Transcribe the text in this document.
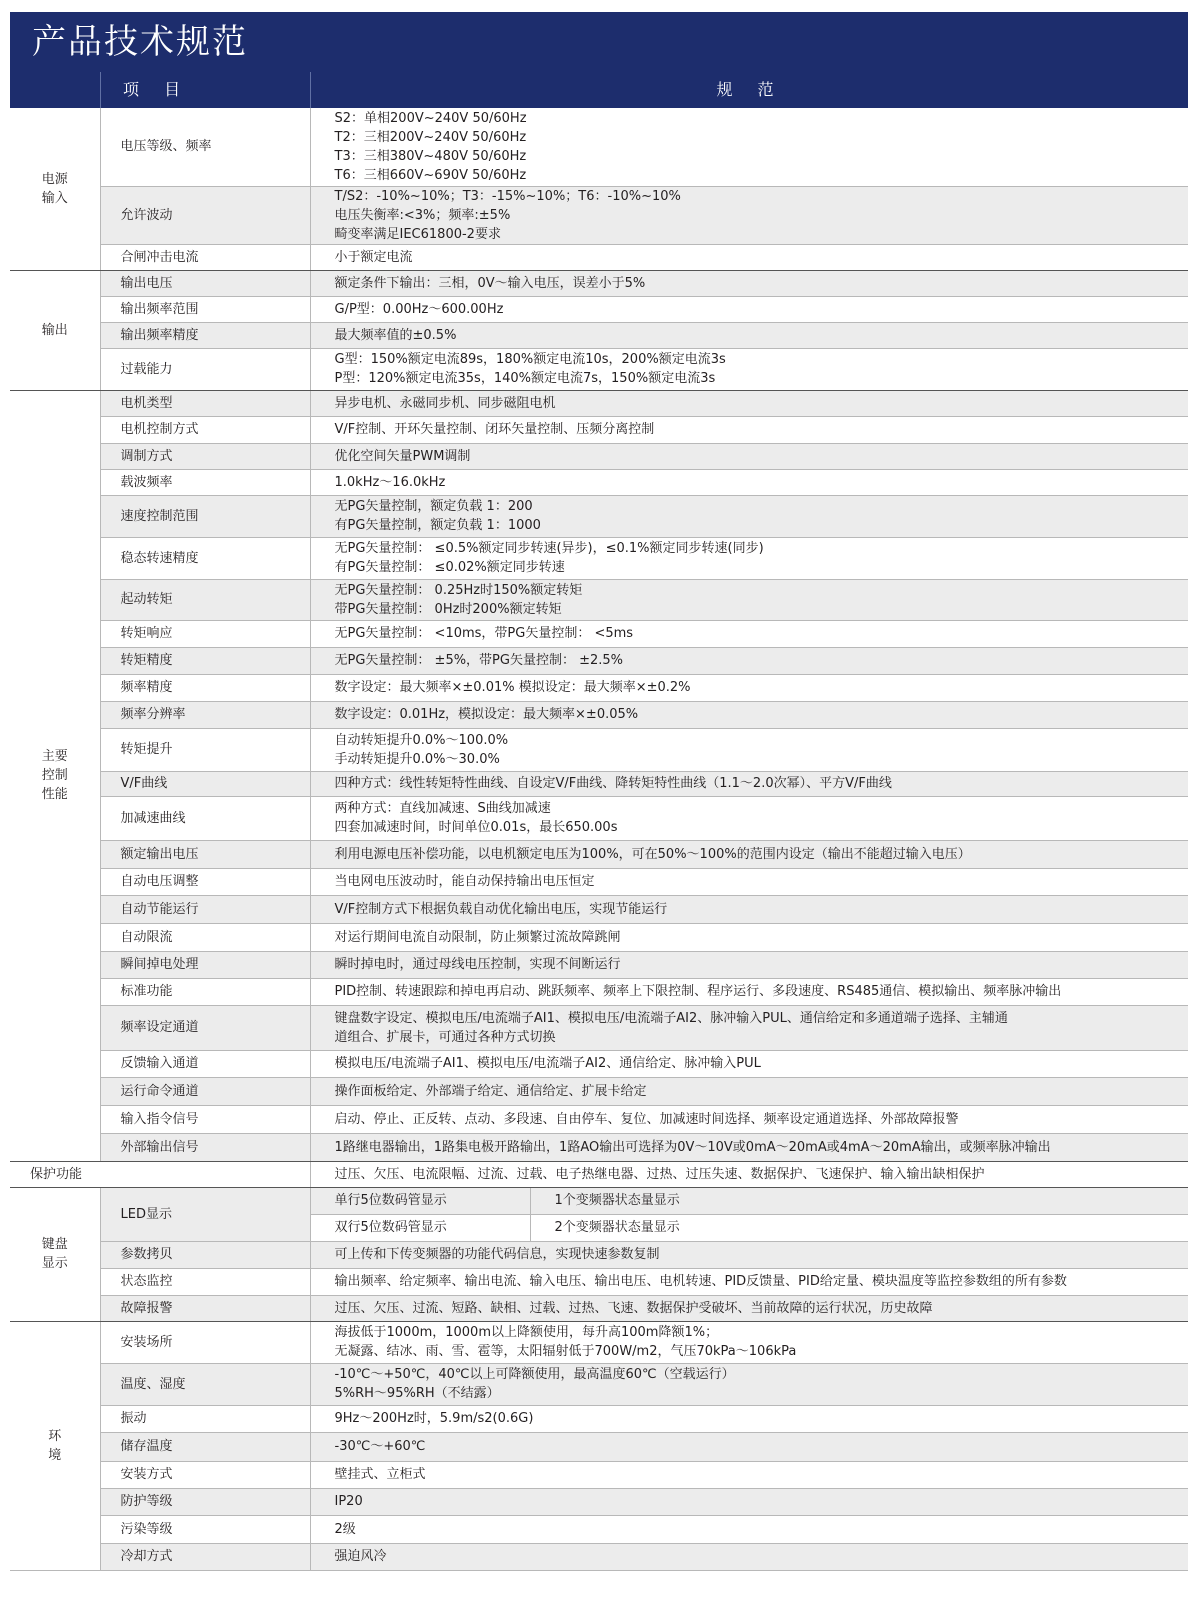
产品技术规范
项 目	规 范
电源
输入	电压等级、频率	S2：单相200V~240V 50/60Hz
T2：三相200V~240V 50/60Hz
T3：三相380V~480V 50/60Hz
T6：三相660V~690V 50/60Hz	

	允许波动	T/S2：-10%~10%；T3：-15%~10%；T6：-10%~10%
电压失衡率:<3%；频率:±5%
畸变率满足IEC61800-2要求	

	合闸冲击电流	小于额定电流	

输出	输出电压	额定条件下输出：三相，0V～输入电压，误差小于5%	

	输出频率范围	G/P型：0.00Hz～600.00Hz	

	输出频率精度	最大频率值的±0.5%	

	过载能力	G型：150%额定电流89s，180%额定电流10s，200%额定电流3s
P型：120%额定电流35s，140%额定电流7s，150%额定电流3s	

主要
控制
性能	电机类型	异步电机、永磁同步机、同步磁阻电机	

	电机控制方式	V/F控制、开环矢量控制、闭环矢量控制、压频分离控制	

	调制方式	优化空间矢量PWM调制	

	载波频率	1.0kHz～16.0kHz	

	速度控制范围	无PG矢量控制，额定负载 1：200
有PG矢量控制，额定负载 1：1000	

	稳态转速精度	无PG矢量控制： ≤0.5%额定同步转速(异步)，≤0.1%额定同步转速(同步)
有PG矢量控制： ≤0.02%额定同步转速	

	起动转矩	无PG矢量控制： 0.25Hz时150%额定转矩
带PG矢量控制： 0Hz时200%额定转矩	

	转矩响应	无PG矢量控制： <10ms，带PG矢量控制： <5ms	

	转矩精度	无PG矢量控制： ±5%，带PG矢量控制： ±2.5%	

	频率精度	数字设定：最大频率×±0.01% 模拟设定：最大频率×±0.2%	

	频率分辨率	数字设定：0.01Hz，模拟设定：最大频率×±0.05%	

	转矩提升	自动转矩提升0.0%～100.0%
手动转矩提升0.0%～30.0%	

	V/F曲线	四种方式：线性转矩特性曲线、自设定V/F曲线、降转矩特性曲线（1.1～2.0次幂）、平方V/F曲线	

	加减速曲线	两种方式：直线加减速、S曲线加减速
四套加减速时间，时间单位0.01s，最长650.00s	

	额定输出电压	利用电源电压补偿功能，以电机额定电压为100%，可在50%～100%的范围内设定（输出不能超过输入电压）	

	自动电压调整	当电网电压波动时，能自动保持输出电压恒定	

	自动节能运行	V/F控制方式下根据负载自动优化输出电压，实现节能运行	

	自动限流	对运行期间电流自动限制，防止频繁过流故障跳闸	

	瞬间掉电处理	瞬时掉电时，通过母线电压控制，实现不间断运行	

	标准功能	PID控制、转速跟踪和掉电再启动、跳跃频率、频率上下限控制、程序运行、多段速度、RS485通信、模拟输出、频率脉冲输出	

	频率设定通道	键盘数字设定、模拟电压/电流端子AI1、模拟电压/电流端子AI2、脉冲输入PUL、通信给定和多通道端子选择、主辅通
道组合、扩展卡，可通过各种方式切换	

	反馈输入通道	模拟电压/电流端子AI1、模拟电压/电流端子AI2、通信给定、脉冲输入PUL	

	运行命令通道	操作面板给定、外部端子给定、通信给定、扩展卡给定	

	输入指令信号	启动、停止、正反转、点动、多段速、自由停车、复位、加减速时间选择、频率设定通道选择、外部故障报警	

	外部输出信号	1路继电器输出，1路集电极开路输出，1路AO输出可选择为0V～10V或0mA～20mA或4mA～20mA输出，或频率脉冲输出	

保护功能		过压、欠压、电流限幅、过流、过载、电子热继电器、过热、过压失速、数据保护、飞速保护、输入输出缺相保护	

键盘
显示	LED显示	单行5位数码管显示	1个变频器状态量显示
		双行5位数码管显示	2个变频器状态量显示
	参数拷贝	可上传和下传变频器的功能代码信息，实现快速参数复制	

	状态监控	输出频率、给定频率、输出电流、输入电压、输出电压、电机转速、PID反馈量、PID给定量、模块温度等监控参数组的所有参数	

	故障报警	过压、欠压、过流、短路、缺相、过载、过热、飞速、数据保护受破坏、当前故障的运行状况，历史故障	

环
境	安装场所	海拔低于1000m，1000m以上降额使用，每升高100m降额1%；
无凝露、结冰、雨、雪、雹等，太阳辐射低于700W/m2，气压70kPa～106kPa	

	温度、湿度	-10℃～+50℃，40℃以上可降额使用，最高温度60℃（空载运行）
5%RH～95%RH（不结露）	

	振动	9Hz～200Hz时，5.9m/s2(0.6G)	

	储存温度	-30℃～+60℃	

	安装方式	壁挂式、立柜式	

	防护等级	IP20	

	污染等级	2级	

	冷却方式	强迫风冷	
